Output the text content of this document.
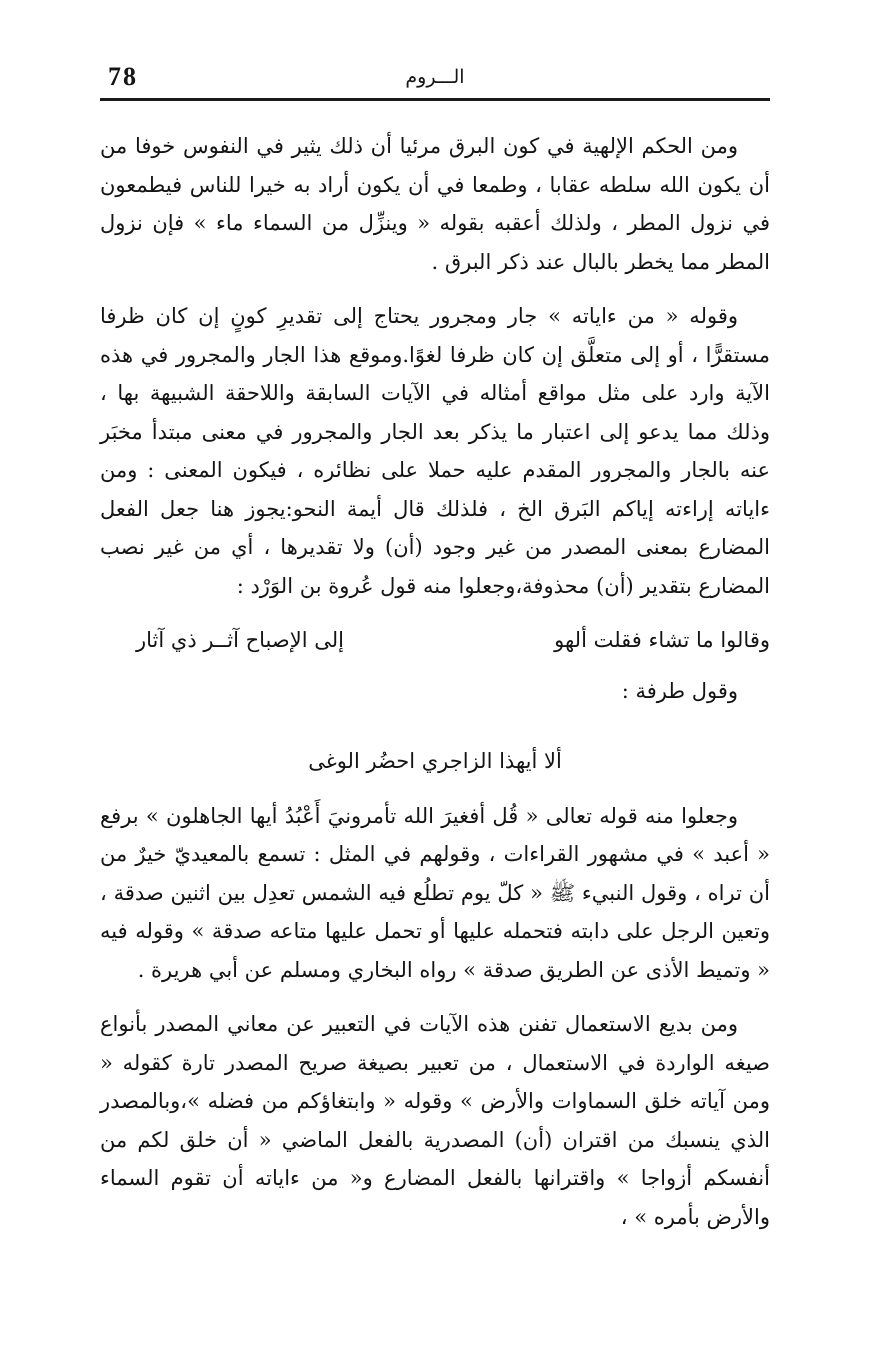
78	الـــروم

ومن الحكم الإلهية في كون البرق مرئيا أن ذلك يثير في النفوس خوفا من أن يكون الله سلطه عقابا ، وطمعا في أن يكون أراد به خيرا للناس فيطمعون في نزول المطر ، ولذلك أعقبه بقوله « وينزِّل من السماء ماء » فإن نزول المطر مما يخطر بالبال عند ذكر البرق .

وقوله « من ءاياته » جار ومجرور يحتاج إلى تقديرِ كونٍ إن كان ظرفا مستقرًّا ، أو إلى متعلَّق إن كان ظرفا لغوًا.وموقع هذا الجار والمجرور في هذه الآية وارد على مثل مواقع أمثاله في الآيات السابقة واللاحقة الشبيهة بها ، وذلك مما يدعو إلى اعتبار ما يذكر بعد الجار والمجرور في معنى مبتدأ مخبَر عنه بالجار والمجرور المقدم عليه حملا على نظائره ، فيكون المعنى : ومن ءاياته إراءته إياكم البَرق الخ ، فلذلك قال أيمة النحو:يجوز هنا جعل الفعل المضارع بمعنى المصدر من غير وجود (أن) ولا تقديرها ، أي من غير نصب المضارع بتقدير (أن) محذوفة،وجعلوا منه قول عُروة بن الوَرْد :

وقالوا ما تشاء فقلت ألهو
إلى الإصباح آثــر ذي آثار

وقول طرفة :

ألا أيهذا الزاجري احضُر الوغى

وجعلوا منه قوله تعالى « قُل أفغيرَ الله تأمرونيَ أَعْبُدُ أيها الجاهلون » برفع « أعبد » في مشهور القراءات ، وقولهم في المثل : تسمع بالمعيديّ خيرٌ من أن تراه ، وقول النبيء ﷺ « كلّ يوم تطلُع فيه الشمس تعدِل بين اثنين صدقة ، وتعين الرجل على دابته فتحمله عليها أو تحمل عليها متاعه صدقة » وقوله فيه « وتميط الأذى عن الطريق صدقة » رواه البخاري ومسلم عن أبي هريرة .

ومن بديع الاستعمال تفنن هذه الآيات في التعبير عن معاني المصدر بأنواع صيغه الواردة في الاستعمال ، من تعبير بصيغة صريح المصدر تارة كقوله « ومن آياته خلق السماوات والأرض » وقوله « وابتغاؤكم من فضله »،وبالمصدر الذي ينسبك من اقتران (أن) المصدرية بالفعل الماضي « أن خلق لكم من أنفسكم أزواجا » واقترانها بالفعل المضارع و« من ءاياته أن تقوم السماء والأرض بأمره » ،
